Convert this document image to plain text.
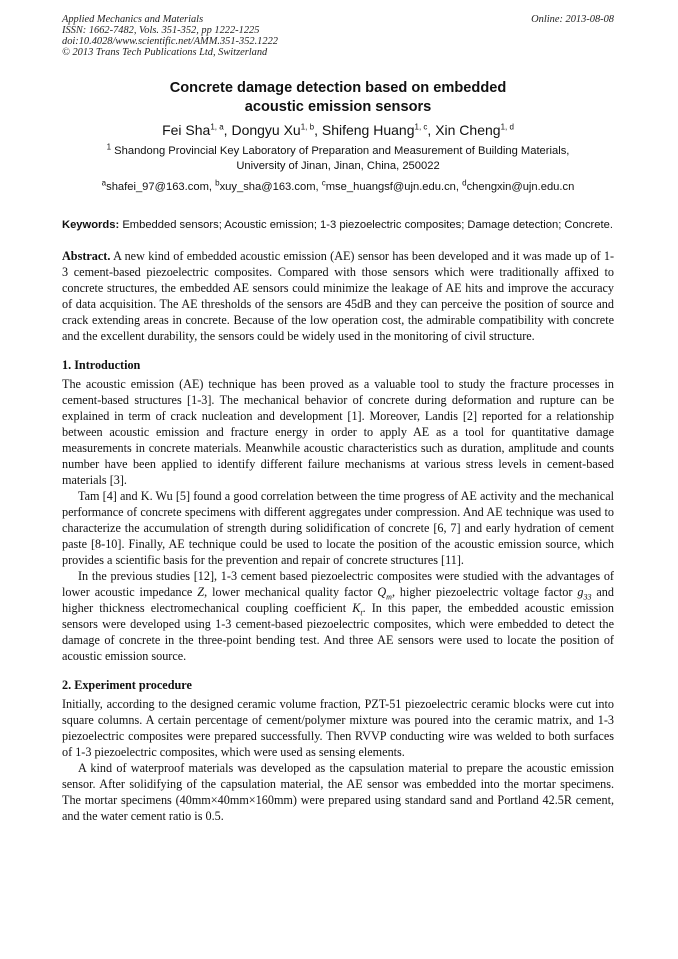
Applied Mechanics and Materials
ISSN: 1662-7482, Vols. 351-352, pp 1222-1225
doi:10.4028/www.scientific.net/AMM.351-352.1222
© 2013 Trans Tech Publications Ltd, Switzerland
Online: 2013-08-08
Concrete damage detection based on embedded
acoustic emission sensors
Fei Sha$^{1, a}$, Dongyu Xu$^{1, b}$, Shifeng Huang$^{1, c}$, Xin Cheng$^{1, d}$
$^1$ Shandong Provincial Key Laboratory of Preparation and Measurement of Building Materials,
University of Jinan, Jinan, China, 250022
$^a$shafei_97@163.com, $^b$xuy_sha@163.com, $^c$mse_huangsf@ujn.edu.cn, $^d$chengxin@ujn.edu.cn
Keywords: Embedded sensors; Acoustic emission; 1-3 piezoelectric composites; Damage detection; Concrete.
Abstract. A new kind of embedded acoustic emission (AE) sensor has been developed and it was made up of 1-3 cement-based piezoelectric composites. Compared with those sensors which were traditionally affixed to concrete structures, the embedded AE sensors could minimize the leakage of AE hits and improve the accuracy of data acquisition. The AE thresholds of the sensors are 45dB and they can perceive the position of source and crack extending areas in concrete. Because of the low operation cost, the admirable compatibility with concrete and the excellent durability, the sensors could be widely used in the monitoring of civil structure.
1. Introduction

The acoustic emission (AE) technique has been proved as a valuable tool to study the fracture processes in cement-based structures [1-3]. The mechanical behavior of concrete during deformation and rupture can be explained in term of crack nucleation and development [1]. Moreover, Landis [2] reported for a relationship between acoustic emission and fracture energy in order to apply AE as a tool for quantitative damage measurements in concrete materials. Meanwhile acoustic characteristics such as duration, amplitude and counts number have been applied to identify different failure mechanisms at various stress levels in cement-based materials [3].

Tam [4] and K. Wu [5] found a good correlation between the time progress of AE activity and the mechanical performance of concrete specimens with different aggregates under compression. And AE technique was used to characterize the accumulation of strength during solidification of concrete [6, 7] and early hydration of cement paste [8-10]. Finally, AE technique could be used to locate the position of the acoustic emission source, which provides a scientific basis for the prevention and repair of concrete structures [11].

In the previous studies [12], 1-3 cement based piezoelectric composites were studied with the advantages of lower acoustic impedance Z, lower mechanical quality factor $Q_m$, higher piezoelectric voltage factor $g_{33}$ and higher thickness electromechanical coupling coefficient $K_t$. In this paper, the embedded acoustic emission sensors were developed using 1-3 cement-based piezoelectric composites, which were embedded to detect the damage of concrete in the three-point bending test. And three AE sensors were used to locate the position of acoustic emission source.

2. Experiment procedure

Initially, according to the designed ceramic volume fraction, PZT-51 piezoelectric ceramic blocks were cut into square columns. A certain percentage of cement/polymer mixture was poured into the ceramic matrix, and 1-3 piezoelectric composites were prepared successfully. Then RVVP conducting wire was welded to both surfaces of 1-3 piezoelectric composites, which were used as sensing elements.

A kind of waterproof materials was developed as the capsulation material to prepare the acoustic emission sensor. After solidifying of the capsulation material, the AE sensor was embedded into the mortar specimens. The mortar specimens (40mm×40mm×160mm) were prepared using standard sand and Portland 42.5R cement, and the water cement ratio is 0.5.
